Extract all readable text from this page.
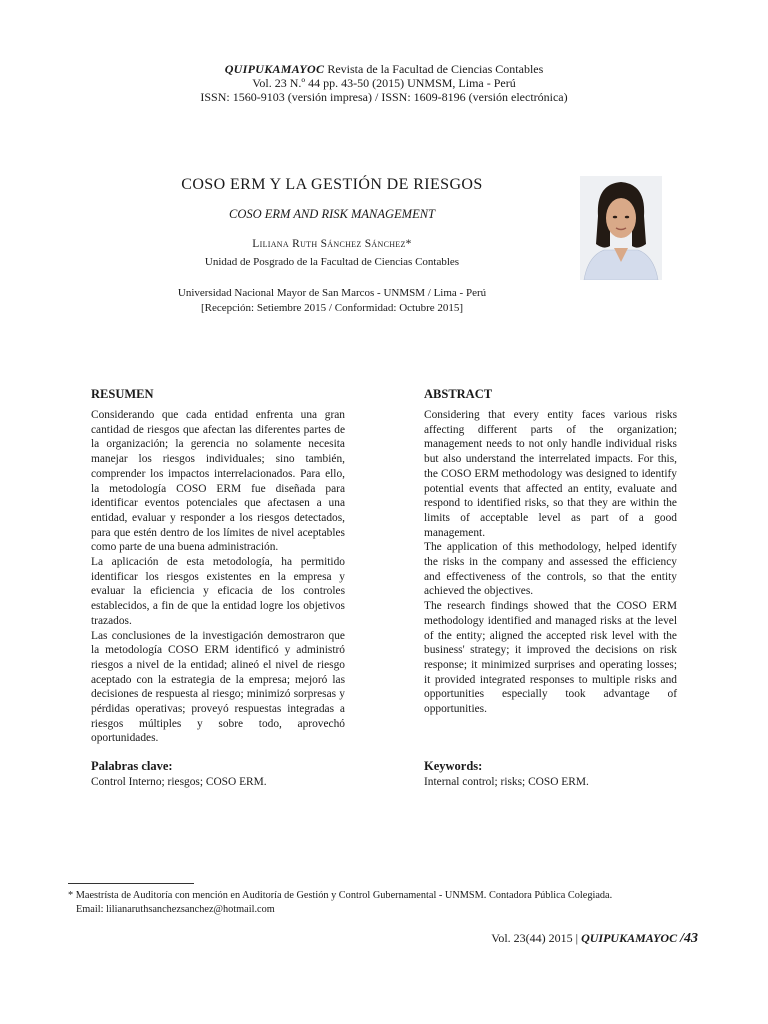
QUIPUKAMAYOC Revista de la Facultad de Ciencias Contables
Vol. 23 N.º 44 pp. 43-50 (2015) UNMSM, Lima - Perú
ISSN: 1560-9103 (versión impresa) / ISSN: 1609-8196 (versión electrónica)
COSO ERM Y LA GESTIÓN DE RIESGOS
COSO ERM AND RISK MANAGEMENT
Liliana Ruth Sánchez Sánchez*
Unidad de Posgrado de la Facultad de Ciencias Contables
Universidad Nacional Mayor de San Marcos - UNMSM / Lima - Perú
[Recepción: Setiembre 2015 / Conformidad: Octubre 2015]
RESUMEN

Considerando que cada entidad enfrenta una gran cantidad de riesgos que afectan las diferentes partes de la organización; la gerencia no solamente necesita manejar los riesgos individuales; sino también, comprender los impactos interrelacionados. Para ello, la metodología COSO ERM fue diseñada para identificar eventos potenciales que afectasen a una entidad, evaluar y responder a los riesgos detectados, para que estén dentro de los límites de nivel aceptables como parte de una buena administración.

La aplicación de esta metodología, ha permitido identificar los riesgos existentes en la empresa y evaluar la eficiencia y eficacia de los controles establecidos, a fin de que la entidad logre los objetivos trazados.

Las conclusiones de la investigación demostraron que la metodología COSO ERM identificó y administró riesgos a nivel de la entidad; alineó el nivel de riesgo aceptado con la estrategia de la empresa; mejoró las decisiones de respuesta al riesgo; minimizó sorpresas y pérdidas operativas; proveyó respuestas integradas a riesgos múltiples y sobre todo, aprovechó oportunidades.

ABSTRACT

Considering that every entity faces various risks affecting different parts of the organization; management needs to not only handle individual risks but also understand the interrelated impacts. For this, the COSO ERM methodology was designed to identify potential events that affected an entity, evaluate and respond to identified risks, so that they are within the limits of acceptable level as part of a good management.

The application of this methodology, helped identify the risks in the company and assessed the efficiency and effectiveness of the controls, so that the entity achieved the objectives.

The research findings showed that the COSO ERM methodology identified and managed risks at the level of the entity; aligned the accepted risk level with the business' strategy; it improved the decisions on risk response; it minimized surprises and operating losses; it provided integrated responses to multiple risks and opportunities especially took advantage of opportunities.

Palabras clave:
Control Interno; riesgos; COSO ERM.
Keywords:
Internal control; risks; COSO ERM.
* Maestrísta de Auditoría con mención en Auditoría de Gestión y Control Gubernamental - UNMSM. Contadora Pública Colegiada.
Email: lilianaruthsanchezsanchez@hotmail.com
Vol. 23(44) 2015 | QUIPUKAMAYOC /43
